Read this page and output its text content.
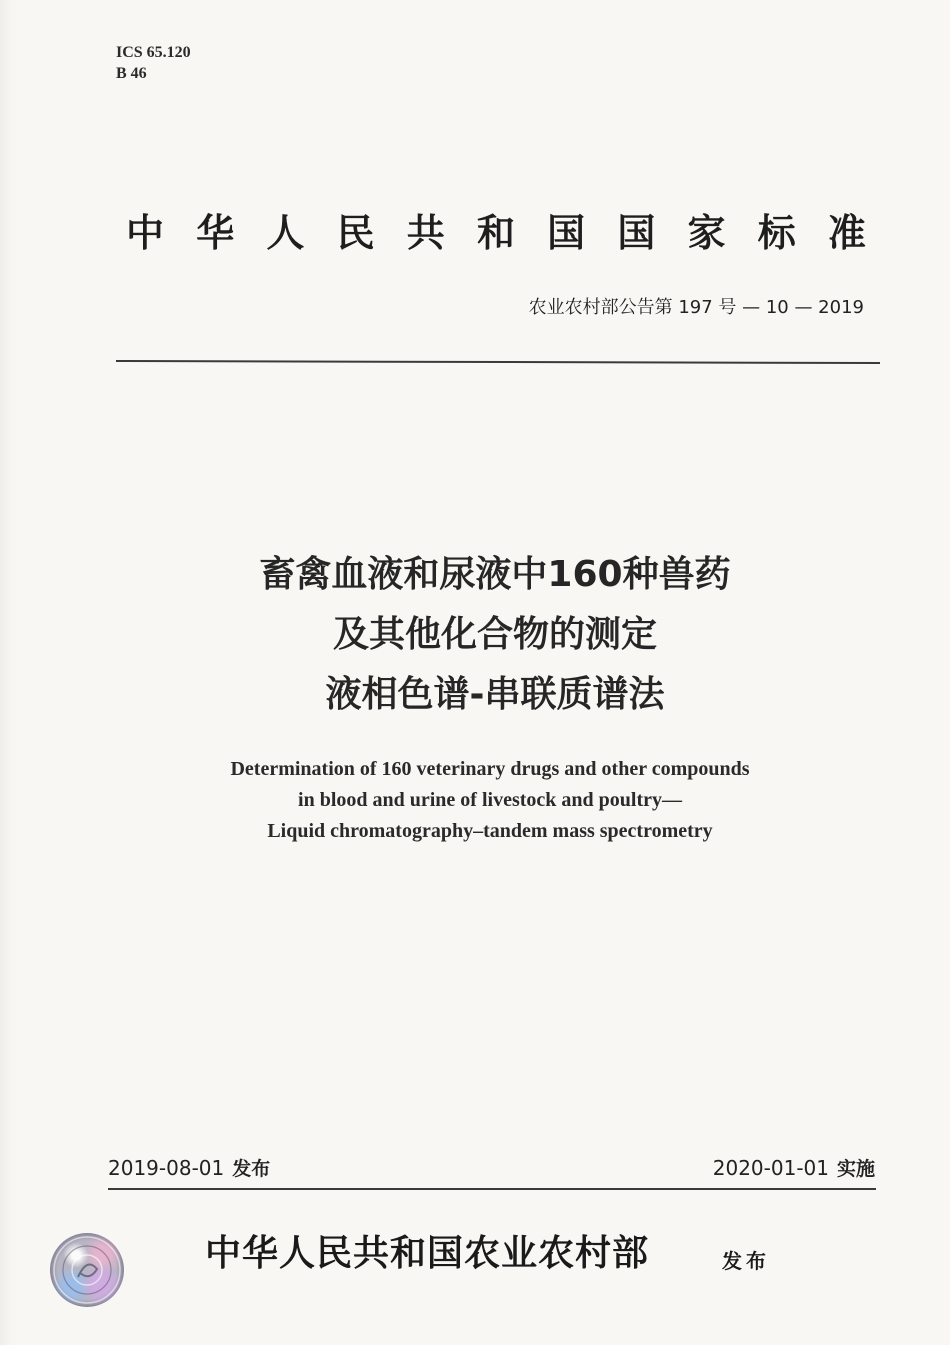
ICS 65.120
B 46
中 华 人 民 共 和 国 国 家 标 准
农业农村部公告第 197 号 — 10 — 2019
畜禽血液和尿液中160种兽药
及其他化合物的测定
液相色谱-串联质谱法
Determination of 160 veterinary drugs and other compounds
in blood and urine of livestock and poultry—
Liquid chromatography–tandem mass spectrometry
2019-08-01 发布	2020-01-01 实施
中华人民共和国农业农村部	发布
